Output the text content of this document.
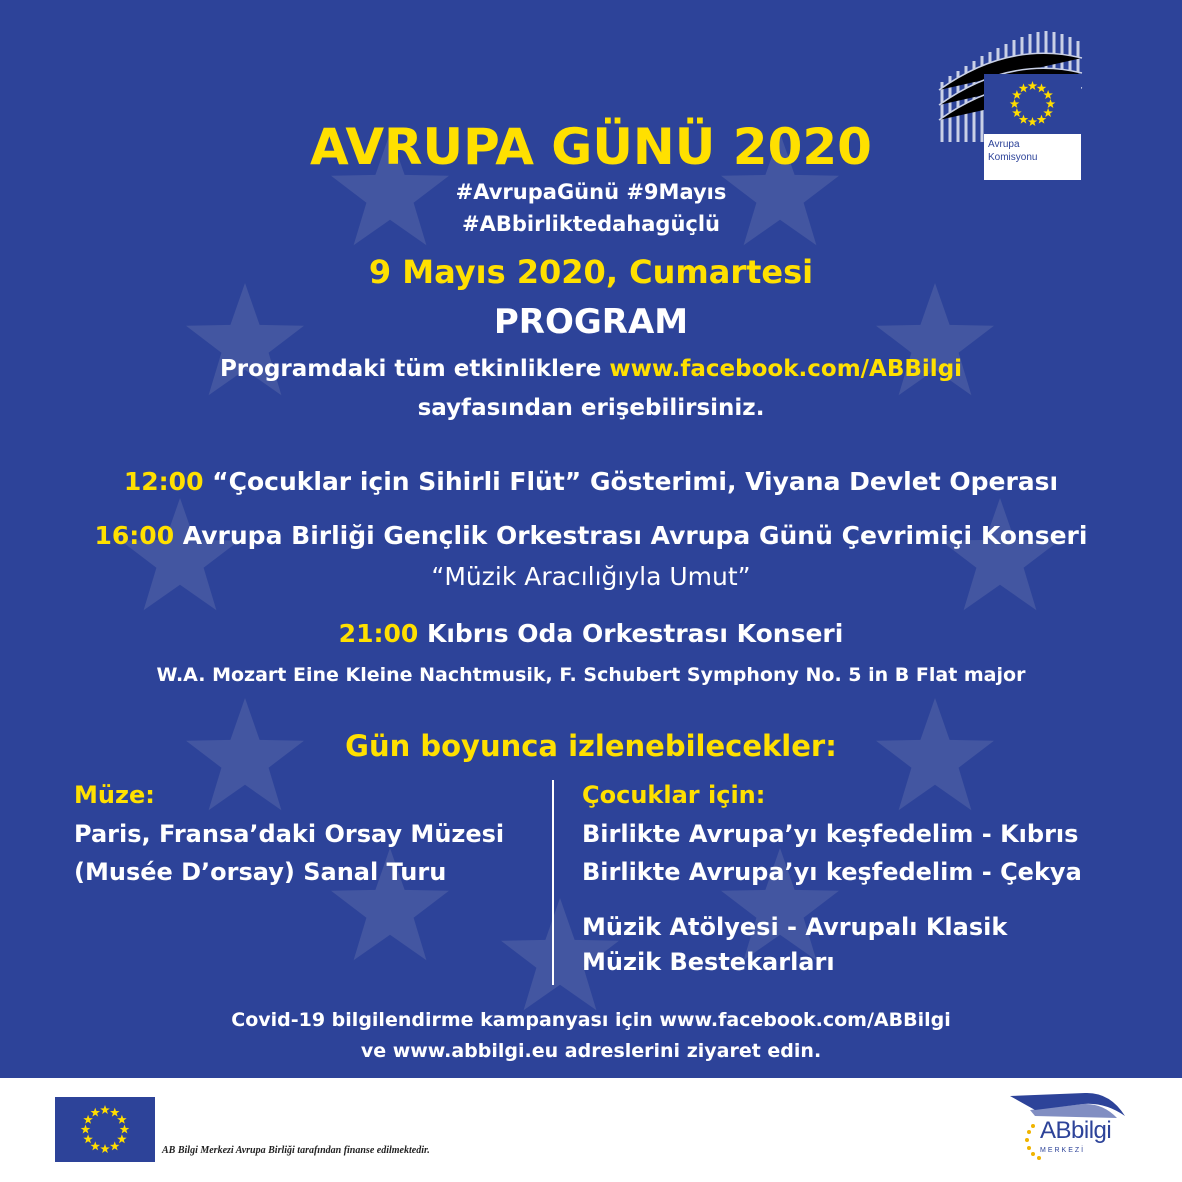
Avrupa
Komisyonu
AVRUPA GÜNÜ 2020
#AvrupaGünü #9Mayıs
#ABbirliktedahagüçlü
9 Mayıs 2020, Cumartesi
PROGRAM
Programdaki tüm etkinliklere www.facebook.com/ABBilgi
sayfasından erişebilirsiniz.
12:00 “Çocuklar için Sihirli Flüt” Gösterimi, Viyana Devlet Operası
16:00 Avrupa Birliği Gençlik Orkestrası Avrupa Günü Çevrimiçi Konseri
“Müzik Aracılığıyla Umut”
21:00 Kıbrıs Oda Orkestrası Konseri
W.A. Mozart Eine Kleine Nachtmusik, F. Schubert Symphony No. 5 in B Flat major
Gün boyunca izlenebilecekler:
Müze:
Paris, Fransa’daki Orsay Müzesi
(Musée D’orsay) Sanal Turu
Çocuklar için:
Birlikte Avrupa’yı keşfedelim - Kıbrıs
Birlikte Avrupa’yı keşfedelim - Çekya
Müzik Atölyesi - Avrupalı Klasik
Müzik Bestekarları
Covid-19 bilgilendirme kampanyası için www.facebook.com/ABBilgi
ve www.abbilgi.eu adreslerini ziyaret edin.
AB Bilgi Merkezi Avrupa Birliği tarafından finanse edilmektedir.
ABbilgi
MERKEZİ
